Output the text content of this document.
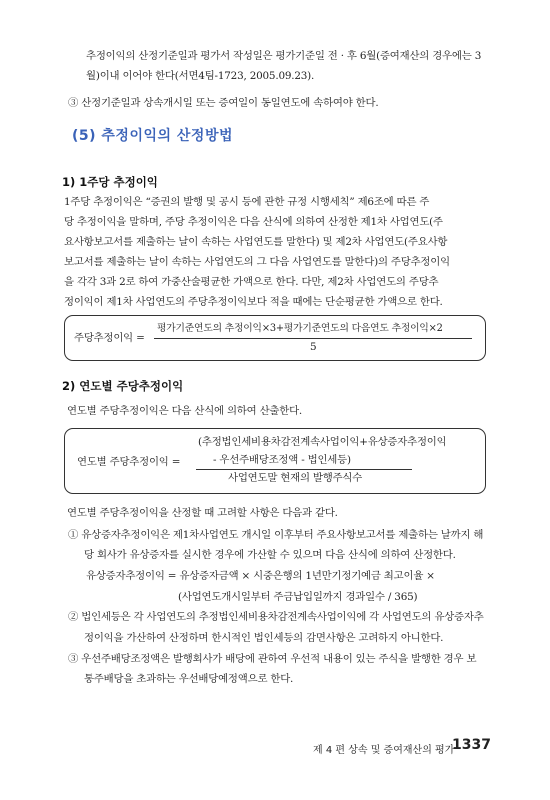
추정이익의 산정기준일과 평가서 작성일은 평가기준일 전 · 후 6월(증여재산의 경우에는 3
월)이내 이어야 한다(서면4팀-1723, 2005.09.23).
③ 산정기준일과 상속개시일 또는 증여일이 동일연도에 속하여야 한다.
(5) 추정이익의 산정방법
1) 1주당 추정이익
1주당 추정이익은 “증권의 발행 및 공시 등에 관한 규정 시행세칙” 제6조에 따른 주
당 추정이익을 말하며, 주당 추정이익은 다음 산식에 의하여 산정한 제1차 사업연도(주
요사항보고서를 제출하는 날이 속하는 사업연도를 말한다) 및 제2차 사업연도(주요사항
보고서를 제출하는 날이 속하는 사업연도의 그 다음 사업연도를 말한다)의 주당추정이익
을 각각 3과 2로 하여 가중산술평균한 가액으로 한다. 다만, 제2차 사업연도의 주당추
정이익이 제1차 사업연도의 주당추정이익보다 적을 때에는 단순평균한 가액으로 한다.
주당추정이익 =
평가기준연도의 추정이익×3+평가기준연도의 다음연도 추정이익×2
5
2) 연도별 주당추정이익
연도별 주당추정이익은 다음 산식에 의하여 산출한다.
연도별 주당추정이익 =
(추정법인세비용차감전계속사업이익+유상증자추정이익
- 우선주배당조정액 - 법인세등)
사업연도말 현재의 발행주식수
연도별 주당추정이익을 산정할 때 고려할 사항은 다음과 같다.
① 유상증자추정이익은 제1차사업연도 개시일 이후부터 주요사항보고서를 제출하는 날까지 해
당 회사가 유상증자를 실시한 경우에 가산할 수 있으며 다음 산식에 의하여 산정한다.
유상증자추정이익 = 유상증자금액 × 시중은행의 1년만기정기예금 최고이율 ×
(사업연도개시일부터 주금납입일까지 경과일수 / 365)
② 법인세등은 각 사업연도의 추정법인세비용차감전계속사업이익에 각 사업연도의 유상증자추
정이익을 가산하여 산정하며 한시적인 법인세등의 감면사항은 고려하지 아니한다.
③ 우선주배당조정액은 발행회사가 배당에 관하여 우선적 내용이 있는 주식을 발행한 경우 보
통주배당을 초과하는 우선배당예정액으로 한다.
제 4 편 상속 및 증여재산의 평가
1337
